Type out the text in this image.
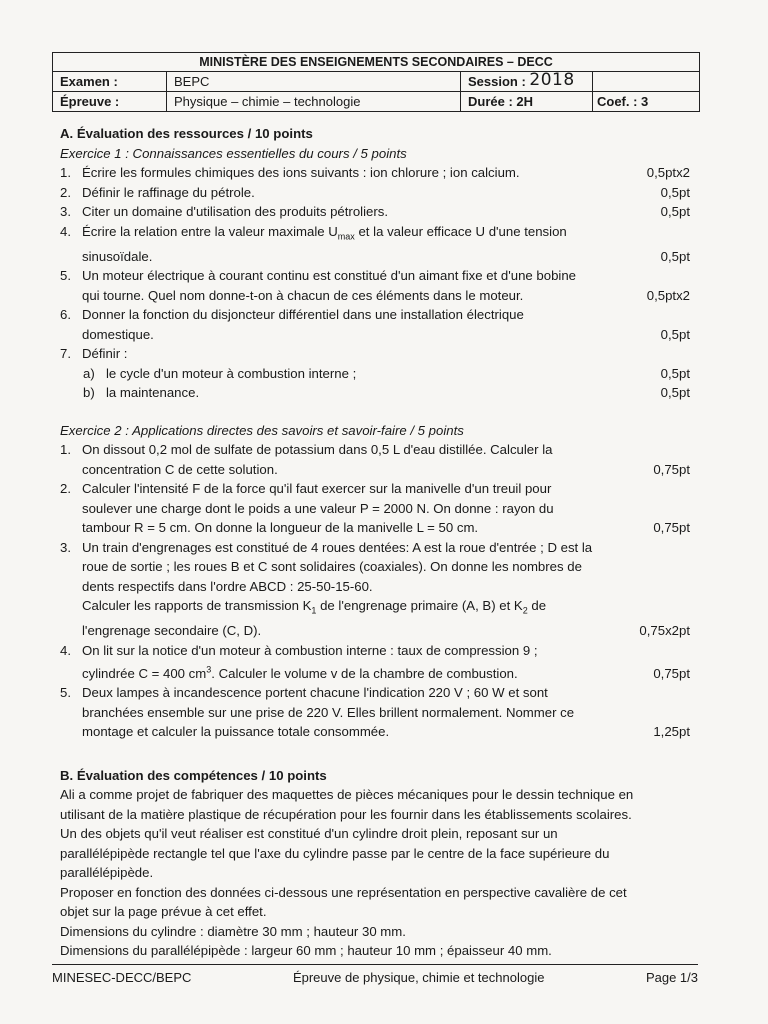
MINISTÈRE DES ENSEIGNEMENTS SECONDAIRES – DECC
Examen :	BEPC	Session : 2018
Épreuve :	Physique – chimie – technologie	Durée : 2H	Coef. : 3
A. Évaluation des ressources / 10 points
Exercice 1 : Connaissances essentielles du cours / 5 points
1. Écrire les formules chimiques des ions suivants : ion chlorure ; ion calcium.	0,5ptx2
2. Définir le raffinage du pétrole.	0,5pt
3. Citer un domaine d'utilisation des produits pétroliers.	0,5pt
4. Écrire la relation entre la valeur maximale $U_{max}$ et la valeur efficace U d'une tension
sinusoïdale.	0,5pt
5. Un moteur électrique à courant continu est constitué d'un aimant fixe et d'une bobine
qui tourne. Quel nom donne-t-on à chacun de ces éléments dans le moteur.	0,5ptx2
6. Donner la fonction du disjoncteur différentiel dans une installation électrique
domestique.	0,5pt
7. Définir :
a) le cycle d'un moteur à combustion interne ;	0,5pt
b) la maintenance.	0,5pt
Exercice 2 : Applications directes des savoirs et savoir-faire / 5 points
1. On dissout 0,2 mol de sulfate de potassium dans 0,5 L d'eau distillée. Calculer la
concentration C de cette solution.	0,75pt
2. Calculer l'intensité F de la force qu'il faut exercer sur la manivelle d'un treuil pour
soulever une charge dont le poids a une valeur P = 2000 N. On donne : rayon du
tambour R = 5 cm. On donne la longueur de la manivelle L = 50 cm.	0,75pt
3. Un train d'engrenages est constitué de 4 roues dentées: A est la roue d'entrée ; D est la
roue de sortie ; les roues B et C sont solidaires (coaxiales). On donne les nombres de
dents respectifs dans l'ordre ABCD : 25-50-15-60.
Calculer les rapports de transmission $K_1$ de l'engrenage primaire (A, B) et $K_2$ de
l'engrenage secondaire (C, D).	0,75x2pt
4. On lit sur la notice d'un moteur à combustion interne : taux de compression 9 ;
cylindrée C = 400 $cm^3$. Calculer le volume v de la chambre de combustion.	0,75pt
5. Deux lampes à incandescence portent chacune l'indication 220 V ; 60 W et sont
branchées ensemble sur une prise de 220 V. Elles brillent normalement. Nommer ce
montage et calculer la puissance totale consommée.	1,25pt
B. Évaluation des compétences / 10 points
Ali a comme projet de fabriquer des maquettes de pièces mécaniques pour le dessin technique en
utilisant de la matière plastique de récupération pour les fournir dans les établissements scolaires.
Un des objets qu'il veut réaliser est constitué d'un cylindre droit plein, reposant sur un
parallélépipède rectangle tel que l'axe du cylindre passe par le centre de la face supérieure du
parallélépipède.
Proposer en fonction des données ci-dessous une représentation en perspective cavalière de cet
objet sur la page prévue à cet effet.
Dimensions du cylindre : diamètre 30 mm ; hauteur 30 mm.
Dimensions du parallélépipède : largeur 60 mm ; hauteur 10 mm ; épaisseur 40 mm.
MINESEC-DECC/BEPC	Épreuve de physique, chimie et technologie	Page 1/3
